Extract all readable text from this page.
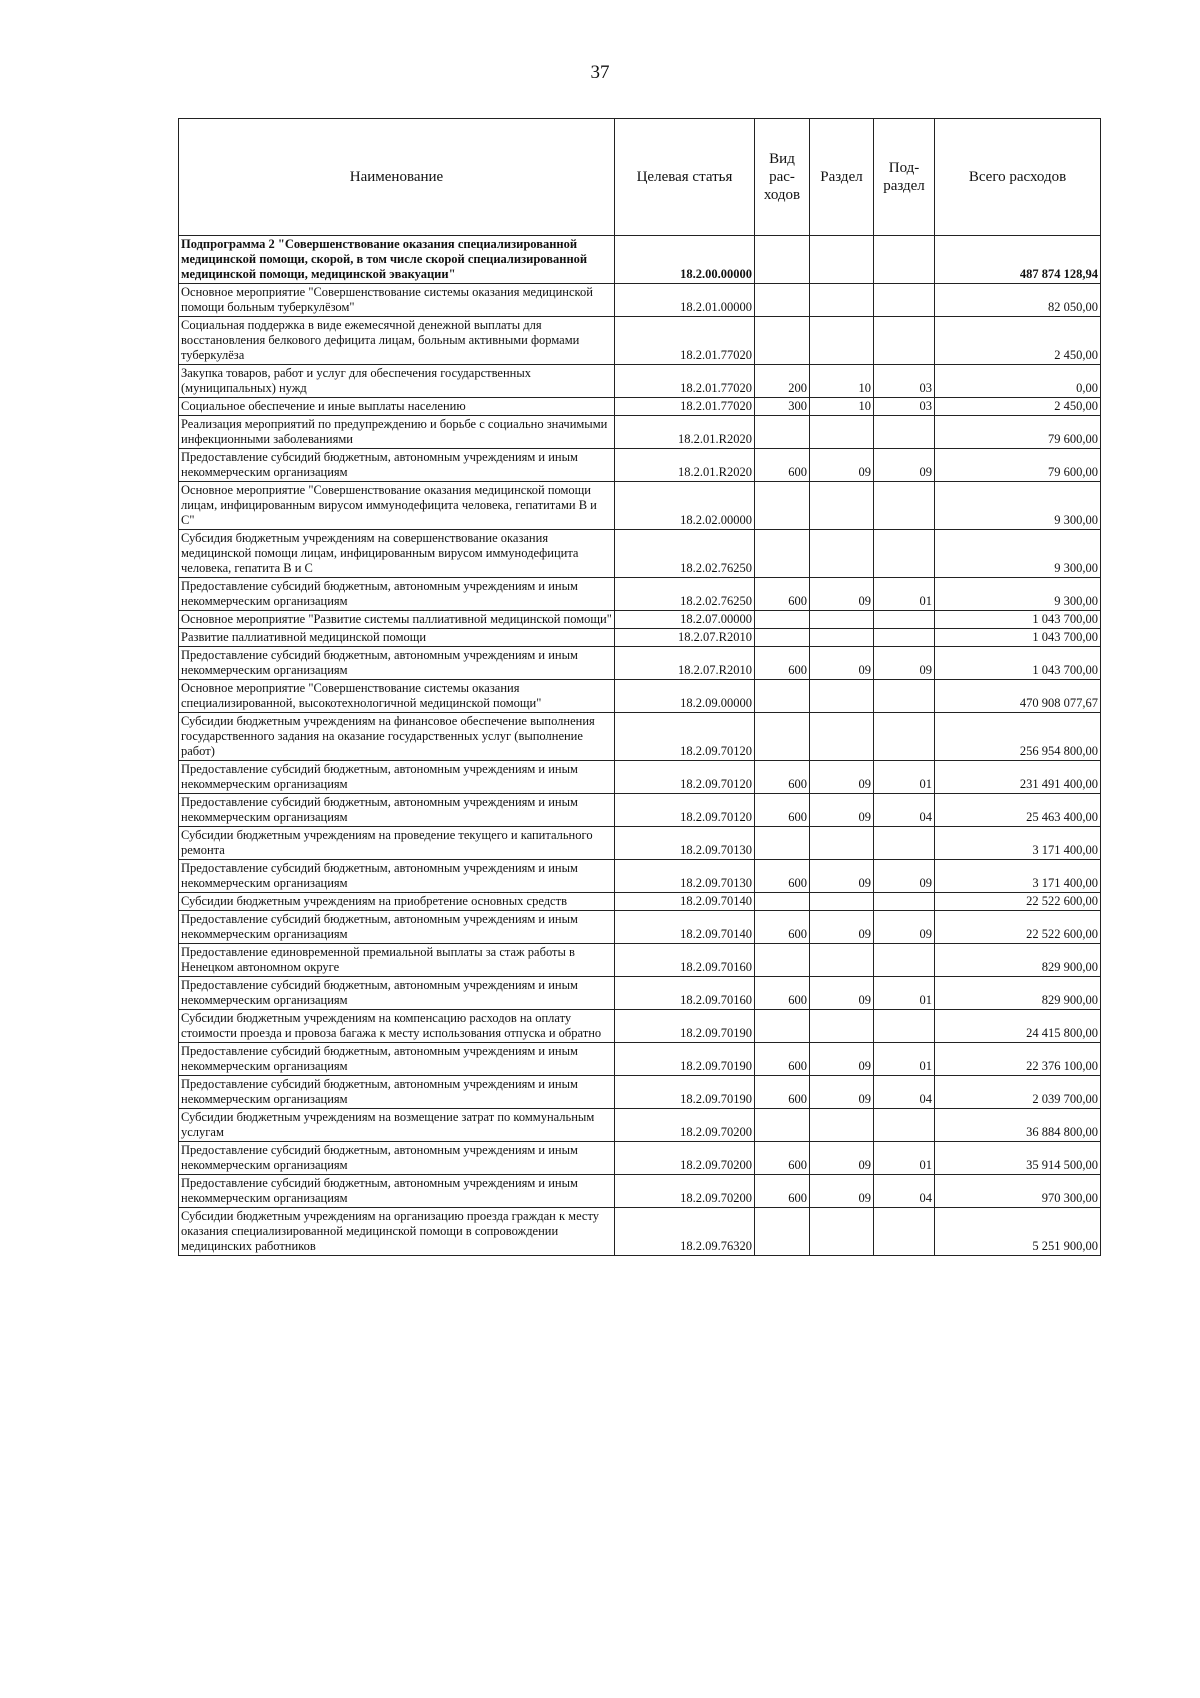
37
Наименование	Целевая статья	Вид рас- ходов	Раздел	Под- раздел	Всего расходов
Подпрограмма 2 "Совершенствование оказания специализированной медицинской помощи, скорой, в том числе скорой специализированной медицинской помощи, медицинской эвакуации"	18.2.00.00000				487 874 128,94
Основное мероприятие "Совершенствование системы оказания медицинской помощи больным туберкулёзом"	18.2.01.00000				82 050,00
Социальная поддержка в виде ежемесячной денежной выплаты для восстановления белкового дефицита лицам, больным активными формами туберкулёза	18.2.01.77020				2 450,00
Закупка товаров, работ и услуг для обеспечения государственных (муниципальных) нужд	18.2.01.77020	200	10	03	0,00
Социальное обеспечение и иные выплаты населению	18.2.01.77020	300	10	03	2 450,00
Реализация мероприятий по предупреждению и борьбе с социально значимыми инфекционными заболеваниями	18.2.01.R2020				79 600,00
Предоставление субсидий бюджетным, автономным учреждениям и иным некоммерческим организациям	18.2.01.R2020	600	09	09	79 600,00
Основное мероприятие "Совершенствование оказания медицинской помощи лицам, инфицированным вирусом иммунодефицита человека, гепатитами В и С"	18.2.02.00000				9 300,00
Субсидия бюджетным учреждениям на совершенствование оказания медицинской помощи лицам, инфицированным вирусом иммунодефицита человека, гепатита В и С	18.2.02.76250				9 300,00
Предоставление субсидий бюджетным, автономным учреждениям и иным некоммерческим организациям	18.2.02.76250	600	09	01	9 300,00
Основное мероприятие "Развитие системы паллиативной медицинской помощи"	18.2.07.00000				1 043 700,00
Развитие паллиативной медицинской помощи	18.2.07.R2010				1 043 700,00
Предоставление субсидий бюджетным, автономным учреждениям и иным некоммерческим организациям	18.2.07.R2010	600	09	09	1 043 700,00
Основное мероприятие "Совершенствование системы оказания специализированной, высокотехнологичной медицинской помощи"	18.2.09.00000				470 908 077,67
Субсидии бюджетным учреждениям на финансовое обеспечение выполнения государственного задания на оказание государственных услуг (выполнение работ)	18.2.09.70120				256 954 800,00
Предоставление субсидий бюджетным, автономным учреждениям и иным некоммерческим организациям	18.2.09.70120	600	09	01	231 491 400,00
Предоставление субсидий бюджетным, автономным учреждениям и иным некоммерческим организациям	18.2.09.70120	600	09	04	25 463 400,00
Субсидии бюджетным учреждениям на проведение текущего и капитального ремонта	18.2.09.70130				3 171 400,00
Предоставление субсидий бюджетным, автономным учреждениям и иным некоммерческим организациям	18.2.09.70130	600	09	09	3 171 400,00
Субсидии бюджетным учреждениям на приобретение основных средств	18.2.09.70140				22 522 600,00
Предоставление субсидий бюджетным, автономным учреждениям и иным некоммерческим организациям	18.2.09.70140	600	09	09	22 522 600,00
Предоставление единовременной премиальной выплаты за стаж работы в Ненецком автономном округе	18.2.09.70160				829 900,00
Предоставление субсидий бюджетным, автономным учреждениям и иным некоммерческим организациям	18.2.09.70160	600	09	01	829 900,00
Субсидии бюджетным учреждениям на компенсацию расходов на оплату стоимости проезда и провоза багажа к месту использования отпуска и обратно	18.2.09.70190				24 415 800,00
Предоставление субсидий бюджетным, автономным учреждениям и иным некоммерческим организациям	18.2.09.70190	600	09	01	22 376 100,00
Предоставление субсидий бюджетным, автономным учреждениям и иным некоммерческим организациям	18.2.09.70190	600	09	04	2 039 700,00
Субсидии бюджетным учреждениям на возмещение затрат по коммунальным услугам	18.2.09.70200				36 884 800,00
Предоставление субсидий бюджетным, автономным учреждениям и иным некоммерческим организациям	18.2.09.70200	600	09	01	35 914 500,00
Предоставление субсидий бюджетным, автономным учреждениям и иным некоммерческим организациям	18.2.09.70200	600	09	04	970 300,00
Субсидии бюджетным учреждениям на организацию проезда граждан к месту оказания специализированной медицинской помощи в сопровождении медицинских работников	18.2.09.76320				5 251 900,00
